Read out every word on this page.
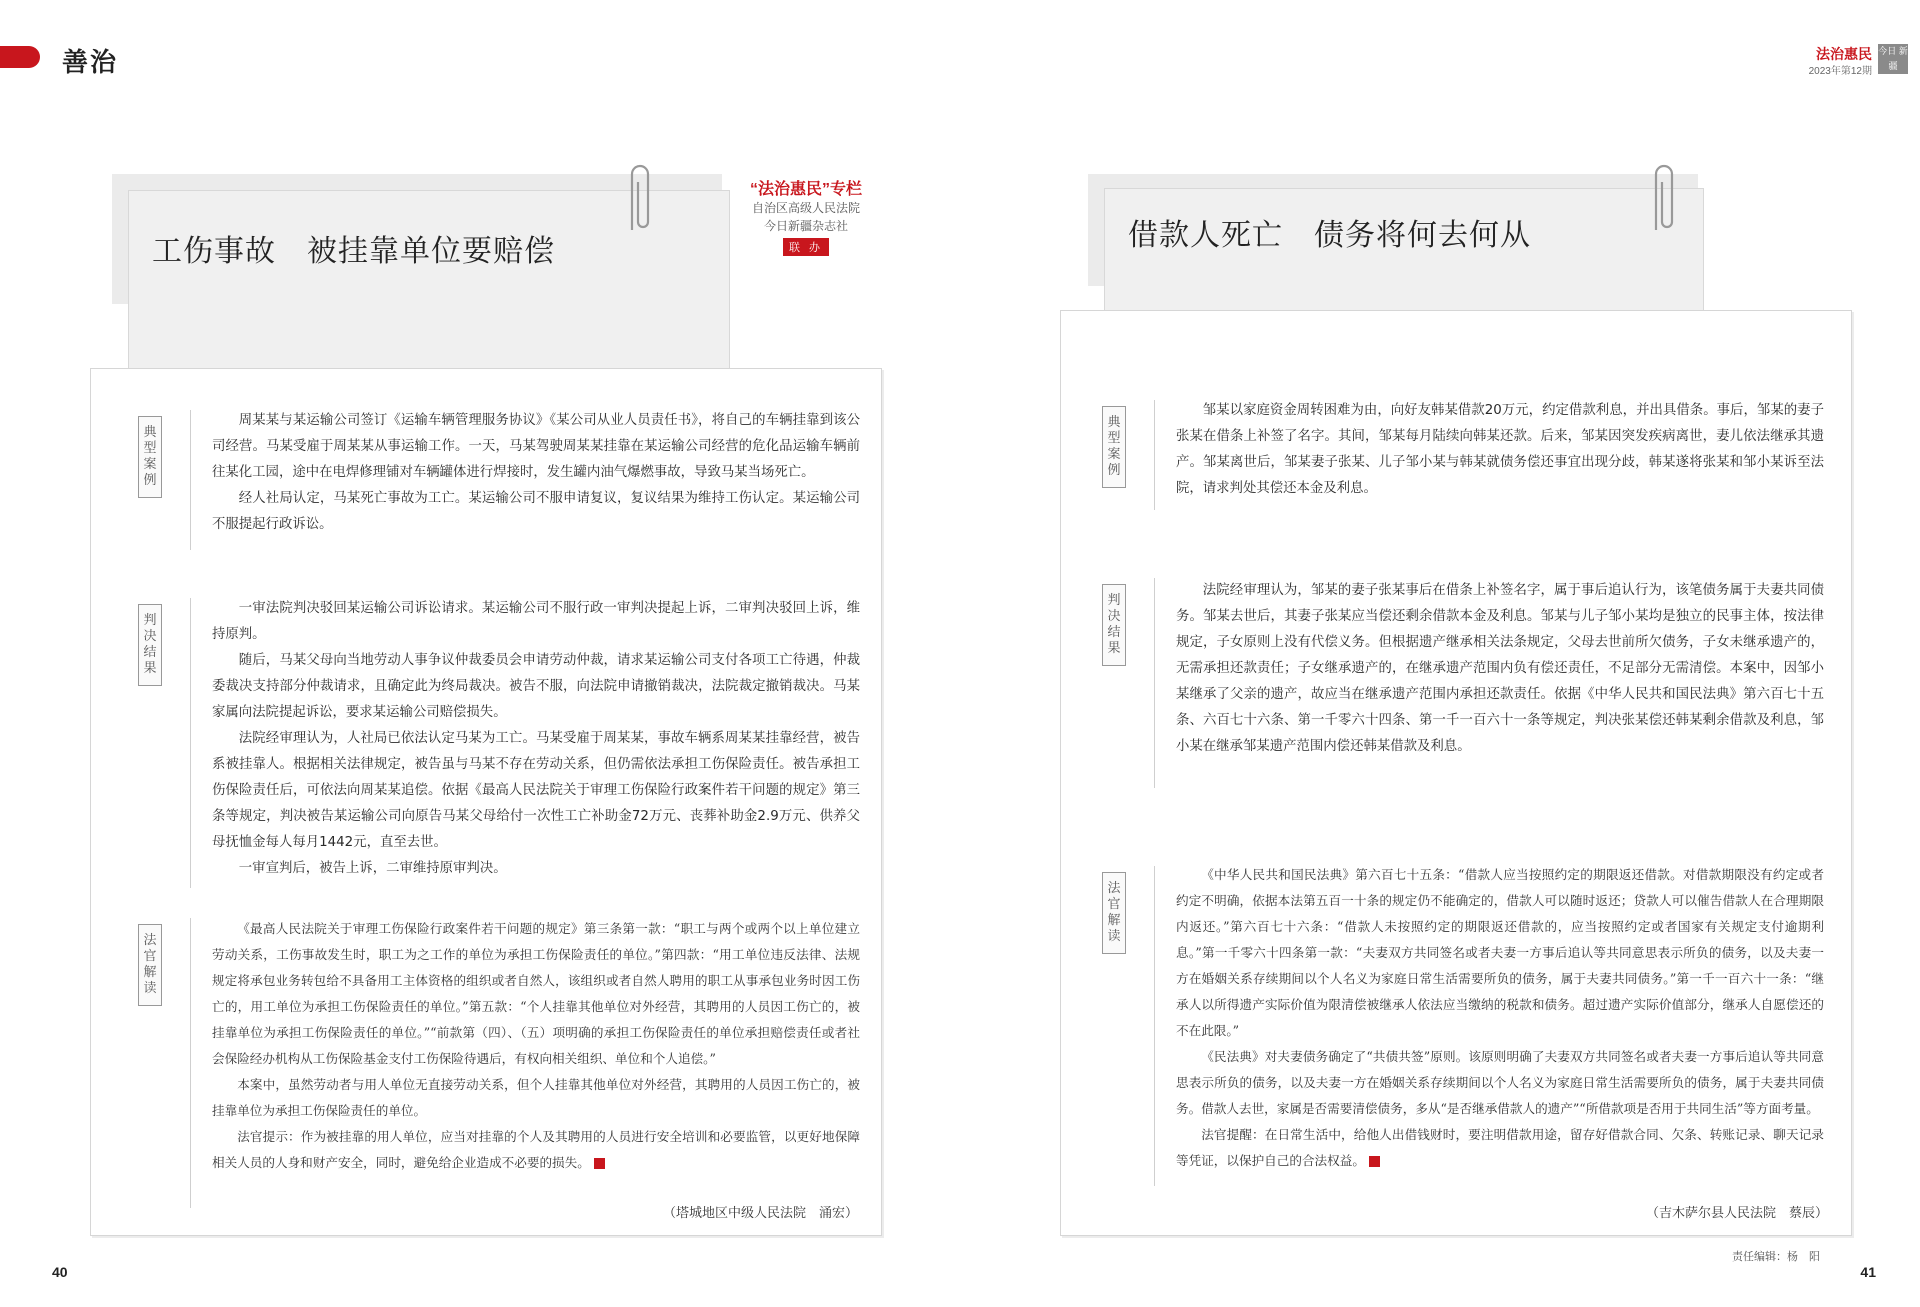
善治	法治惠民
2023年第12期
今日 新疆
工伤事故　被挂靠单位要赔偿
“法治惠民”专栏
自治区高级人民法院
今日新疆杂志社
联 办
典
型
案
例
判
决
结
果
法
官
解
读

周某某与某运输公司签订《运输车辆管理服务协议》《某公司从业人员责任书》，将自己的车辆挂靠到该公司经营。马某受雇于周某某从事运输工作。一天，马某驾驶周某某挂靠在某运输公司经营的危化品运输车辆前往某化工园，途中在电焊修理铺对车辆罐体进行焊接时，发生罐内油气爆燃事故，导致马某当场死亡。

经人社局认定，马某死亡事故为工亡。某运输公司不服申请复议，复议结果为维持工伤认定。某运输公司不服提起行政诉讼。

一审法院判决驳回某运输公司诉讼请求。某运输公司不服行政一审判决提起上诉，二审判决驳回上诉，维持原判。

随后，马某父母向当地劳动人事争议仲裁委员会申请劳动仲裁，请求某运输公司支付各项工亡待遇，仲裁委裁决支持部分仲裁请求，且确定此为终局裁决。被告不服，向法院申请撤销裁决，法院裁定撤销裁决。马某家属向法院提起诉讼，要求某运输公司赔偿损失。

法院经审理认为，人社局已依法认定马某为工亡。马某受雇于周某某，事故车辆系周某某挂靠经营，被告系被挂靠人。根据相关法律规定，被告虽与马某不存在劳动关系，但仍需依法承担工伤保险责任。被告承担工伤保险责任后，可依法向周某某追偿。依据《最高人民法院关于审理工伤保险行政案件若干问题的规定》第三条等规定，判决被告某运输公司向原告马某父母给付一次性工亡补助金72万元、丧葬补助金2.9万元、供养父母抚恤金每人每月1442元，直至去世。

一审宣判后，被告上诉，二审维持原审判决。

《最高人民法院关于审理工伤保险行政案件若干问题的规定》第三条第一款：“职工与两个或两个以上单位建立劳动关系，工伤事故发生时，职工为之工作的单位为承担工伤保险责任的单位。”第四款：“用工单位违反法律、法规规定将承包业务转包给不具备用工主体资格的组织或者自然人，该组织或者自然人聘用的职工从事承包业务时因工伤亡的，用工单位为承担工伤保险责任的单位。”第五款：“个人挂靠其他单位对外经营，其聘用的人员因工伤亡的，被挂靠单位为承担工伤保险责任的单位。”“前款第（四）、（五）项明确的承担工伤保险责任的单位承担赔偿责任或者社会保险经办机构从工伤保险基金支付工伤保险待遇后，有权向相关组织、单位和个人追偿。”

本案中，虽然劳动者与用人单位无直接劳动关系，但个人挂靠其他单位对外经营，其聘用的人员因工伤亡的，被挂靠单位为承担工伤保险责任的单位。

法官提示：作为被挂靠的用人单位，应当对挂靠的个人及其聘用的人员进行安全培训和必要监管，以更好地保障相关人员的人身和财产安全，同时，避免给企业造成不必要的损失。

（塔城地区中级人民法院　涌宏）
借款人死亡　债务将何去何从
典
型
案
例
判
决
结
果
法
官
解
读

邹某以家庭资金周转困难为由，向好友韩某借款20万元，约定借款利息，并出具借条。事后，邹某的妻子张某在借条上补签了名字。其间，邹某每月陆续向韩某还款。后来，邹某因突发疾病离世，妻儿依法继承其遗产。邹某离世后，邹某妻子张某、儿子邹小某与韩某就债务偿还事宜出现分歧，韩某遂将张某和邹小某诉至法院，请求判处其偿还本金及利息。

法院经审理认为，邹某的妻子张某事后在借条上补签名字，属于事后追认行为，该笔债务属于夫妻共同债务。邹某去世后，其妻子张某应当偿还剩余借款本金及利息。邹某与儿子邹小某均是独立的民事主体，按法律规定，子女原则上没有代偿义务。但根据遗产继承相关法条规定，父母去世前所欠债务，子女未继承遗产的，无需承担还款责任；子女继承遗产的，在继承遗产范围内负有偿还责任，不足部分无需清偿。本案中，因邹小某继承了父亲的遗产，故应当在继承遗产范围内承担还款责任。依据《中华人民共和国民法典》第六百七十五条、六百七十六条、第一千零六十四条、第一千一百六十一条等规定，判决张某偿还韩某剩余借款及利息，邹小某在继承邹某遗产范围内偿还韩某借款及利息。

《中华人民共和国民法典》第六百七十五条：“借款人应当按照约定的期限返还借款。对借款期限没有约定或者约定不明确，依据本法第五百一十条的规定仍不能确定的，借款人可以随时返还；贷款人可以催告借款人在合理期限内返还。”第六百七十六条：“借款人未按照约定的期限返还借款的，应当按照约定或者国家有关规定支付逾期利息。”第一千零六十四条第一款：“夫妻双方共同签名或者夫妻一方事后追认等共同意思表示所负的债务，以及夫妻一方在婚姻关系存续期间以个人名义为家庭日常生活需要所负的债务，属于夫妻共同债务。”第一千一百六十一条：“继承人以所得遗产实际价值为限清偿被继承人依法应当缴纳的税款和债务。超过遗产实际价值部分，继承人自愿偿还的不在此限。”

《民法典》对夫妻债务确定了“共债共签”原则。该原则明确了夫妻双方共同签名或者夫妻一方事后追认等共同意思表示所负的债务，以及夫妻一方在婚姻关系存续期间以个人名义为家庭日常生活需要所负的债务，属于夫妻共同债务。借款人去世，家属是否需要清偿债务，多从“是否继承借款人的遗产”“所借款项是否用于共同生活”等方面考量。

法官提醒：在日常生活中，给他人出借钱财时，要注明借款用途，留存好借款合同、欠条、转账记录、聊天记录等凭证，以保护自己的合法权益。

（吉木萨尔县人民法院　蔡辰）
40
责任编辑：杨　阳
41
